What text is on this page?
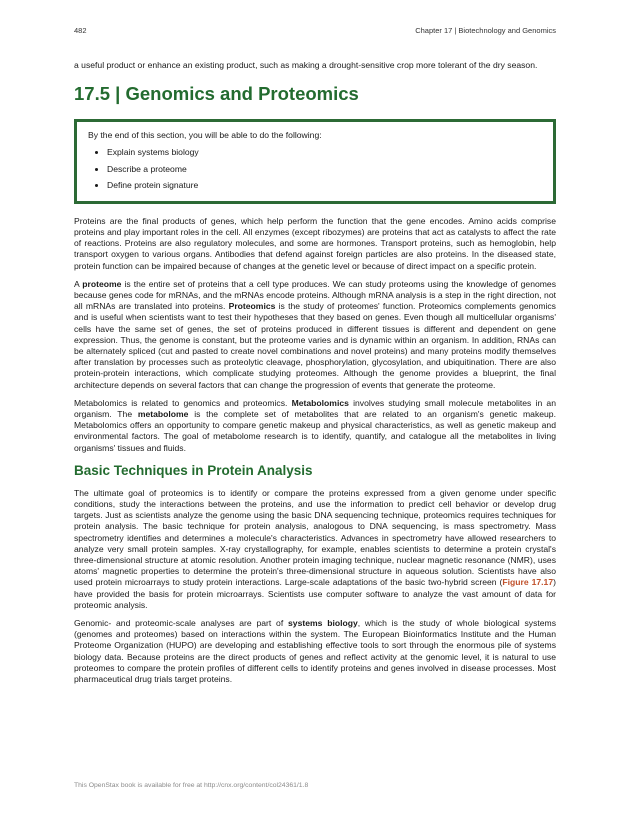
482	Chapter 17 | Biotechnology and Genomics

a useful product or enhance an existing product, such as making a drought-sensitive crop more tolerant of the dry season.

17.5 | Genomics and Proteomics
By the end of this section, you will be able to do the following:
• Explain systems biology
• Describe a proteome
• Define protein signature

Proteins are the final products of genes, which help perform the function that the gene encodes. Amino acids comprise proteins and play important roles in the cell. All enzymes (except ribozymes) are proteins that act as catalysts to affect the rate of reactions. Proteins are also regulatory molecules, and some are hormones. Transport proteins, such as hemoglobin, help transport oxygen to various organs. Antibodies that defend against foreign particles are also proteins. In the diseased state, protein function can be impaired because of changes at the genetic level or because of direct impact on a specific protein.

A proteome is the entire set of proteins that a cell type produces. We can study proteoms using the knowledge of genomes because genes code for mRNAs, and the mRNAs encode proteins. Although mRNA analysis is a step in the right direction, not all mRNAs are translated into proteins. Proteomics is the study of proteomes' function. Proteomics complements genomics and is useful when scientists want to test their hypotheses that they based on genes. Even though all multicellular organisms' cells have the same set of genes, the set of proteins produced in different tissues is different and dependent on gene expression. Thus, the genome is constant, but the proteome varies and is dynamic within an organism. In addition, RNAs can be alternately spliced (cut and pasted to create novel combinations and novel proteins) and many proteins modify themselves after translation by processes such as proteolytic cleavage, phosphorylation, glycosylation, and ubiquitination. There are also protein-protein interactions, which complicate studying proteomes. Although the genome provides a blueprint, the final architecture depends on several factors that can change the progression of events that generate the proteome.

Metabolomics is related to genomics and proteomics. Metabolomics involves studying small molecule metabolites in an organism. The metabolome is the complete set of metabolites that are related to an organism's genetic makeup. Metabolomics offers an opportunity to compare genetic makeup and physical characteristics, as well as genetic makeup and environmental factors. The goal of metabolome research is to identify, quantify, and catalogue all the metabolites in living organisms' tissues and fluids.

Basic Techniques in Protein Analysis

The ultimate goal of proteomics is to identify or compare the proteins expressed from a given genome under specific conditions, study the interactions between the proteins, and use the information to predict cell behavior or develop drug targets. Just as scientists analyze the genome using the basic DNA sequencing technique, proteomics requires techniques for protein analysis. The basic technique for protein analysis, analogous to DNA sequencing, is mass spectrometry. Mass spectrometry identifies and determines a molecule's characteristics. Advances in spectrometry have allowed researchers to analyze very small protein samples. X-ray crystallography, for example, enables scientists to determine a protein crystal's three-dimensional structure at atomic resolution. Another protein imaging technique, nuclear magnetic resonance (NMR), uses atoms' magnetic properties to determine the protein's three-dimensional structure in aqueous solution. Scientists have also used protein microarrays to study protein interactions. Large-scale adaptations of the basic two-hybrid screen (Figure 17.17) have provided the basis for protein microarrays. Scientists use computer software to analyze the vast amount of data for proteomic analysis.

Genomic- and proteomic-scale analyses are part of systems biology, which is the study of whole biological systems (genomes and proteomes) based on interactions within the system. The European Bioinformatics Institute and the Human Proteome Organization (HUPO) are developing and establishing effective tools to sort through the enormous pile of systems biology data. Because proteins are the direct products of genes and reflect activity at the genomic level, it is natural to use proteomes to compare the protein profiles of different cells to identify proteins and genes involved in disease processes. Most pharmaceutical drug trials target proteins.

This OpenStax book is available for free at http://cnx.org/content/col24361/1.8
